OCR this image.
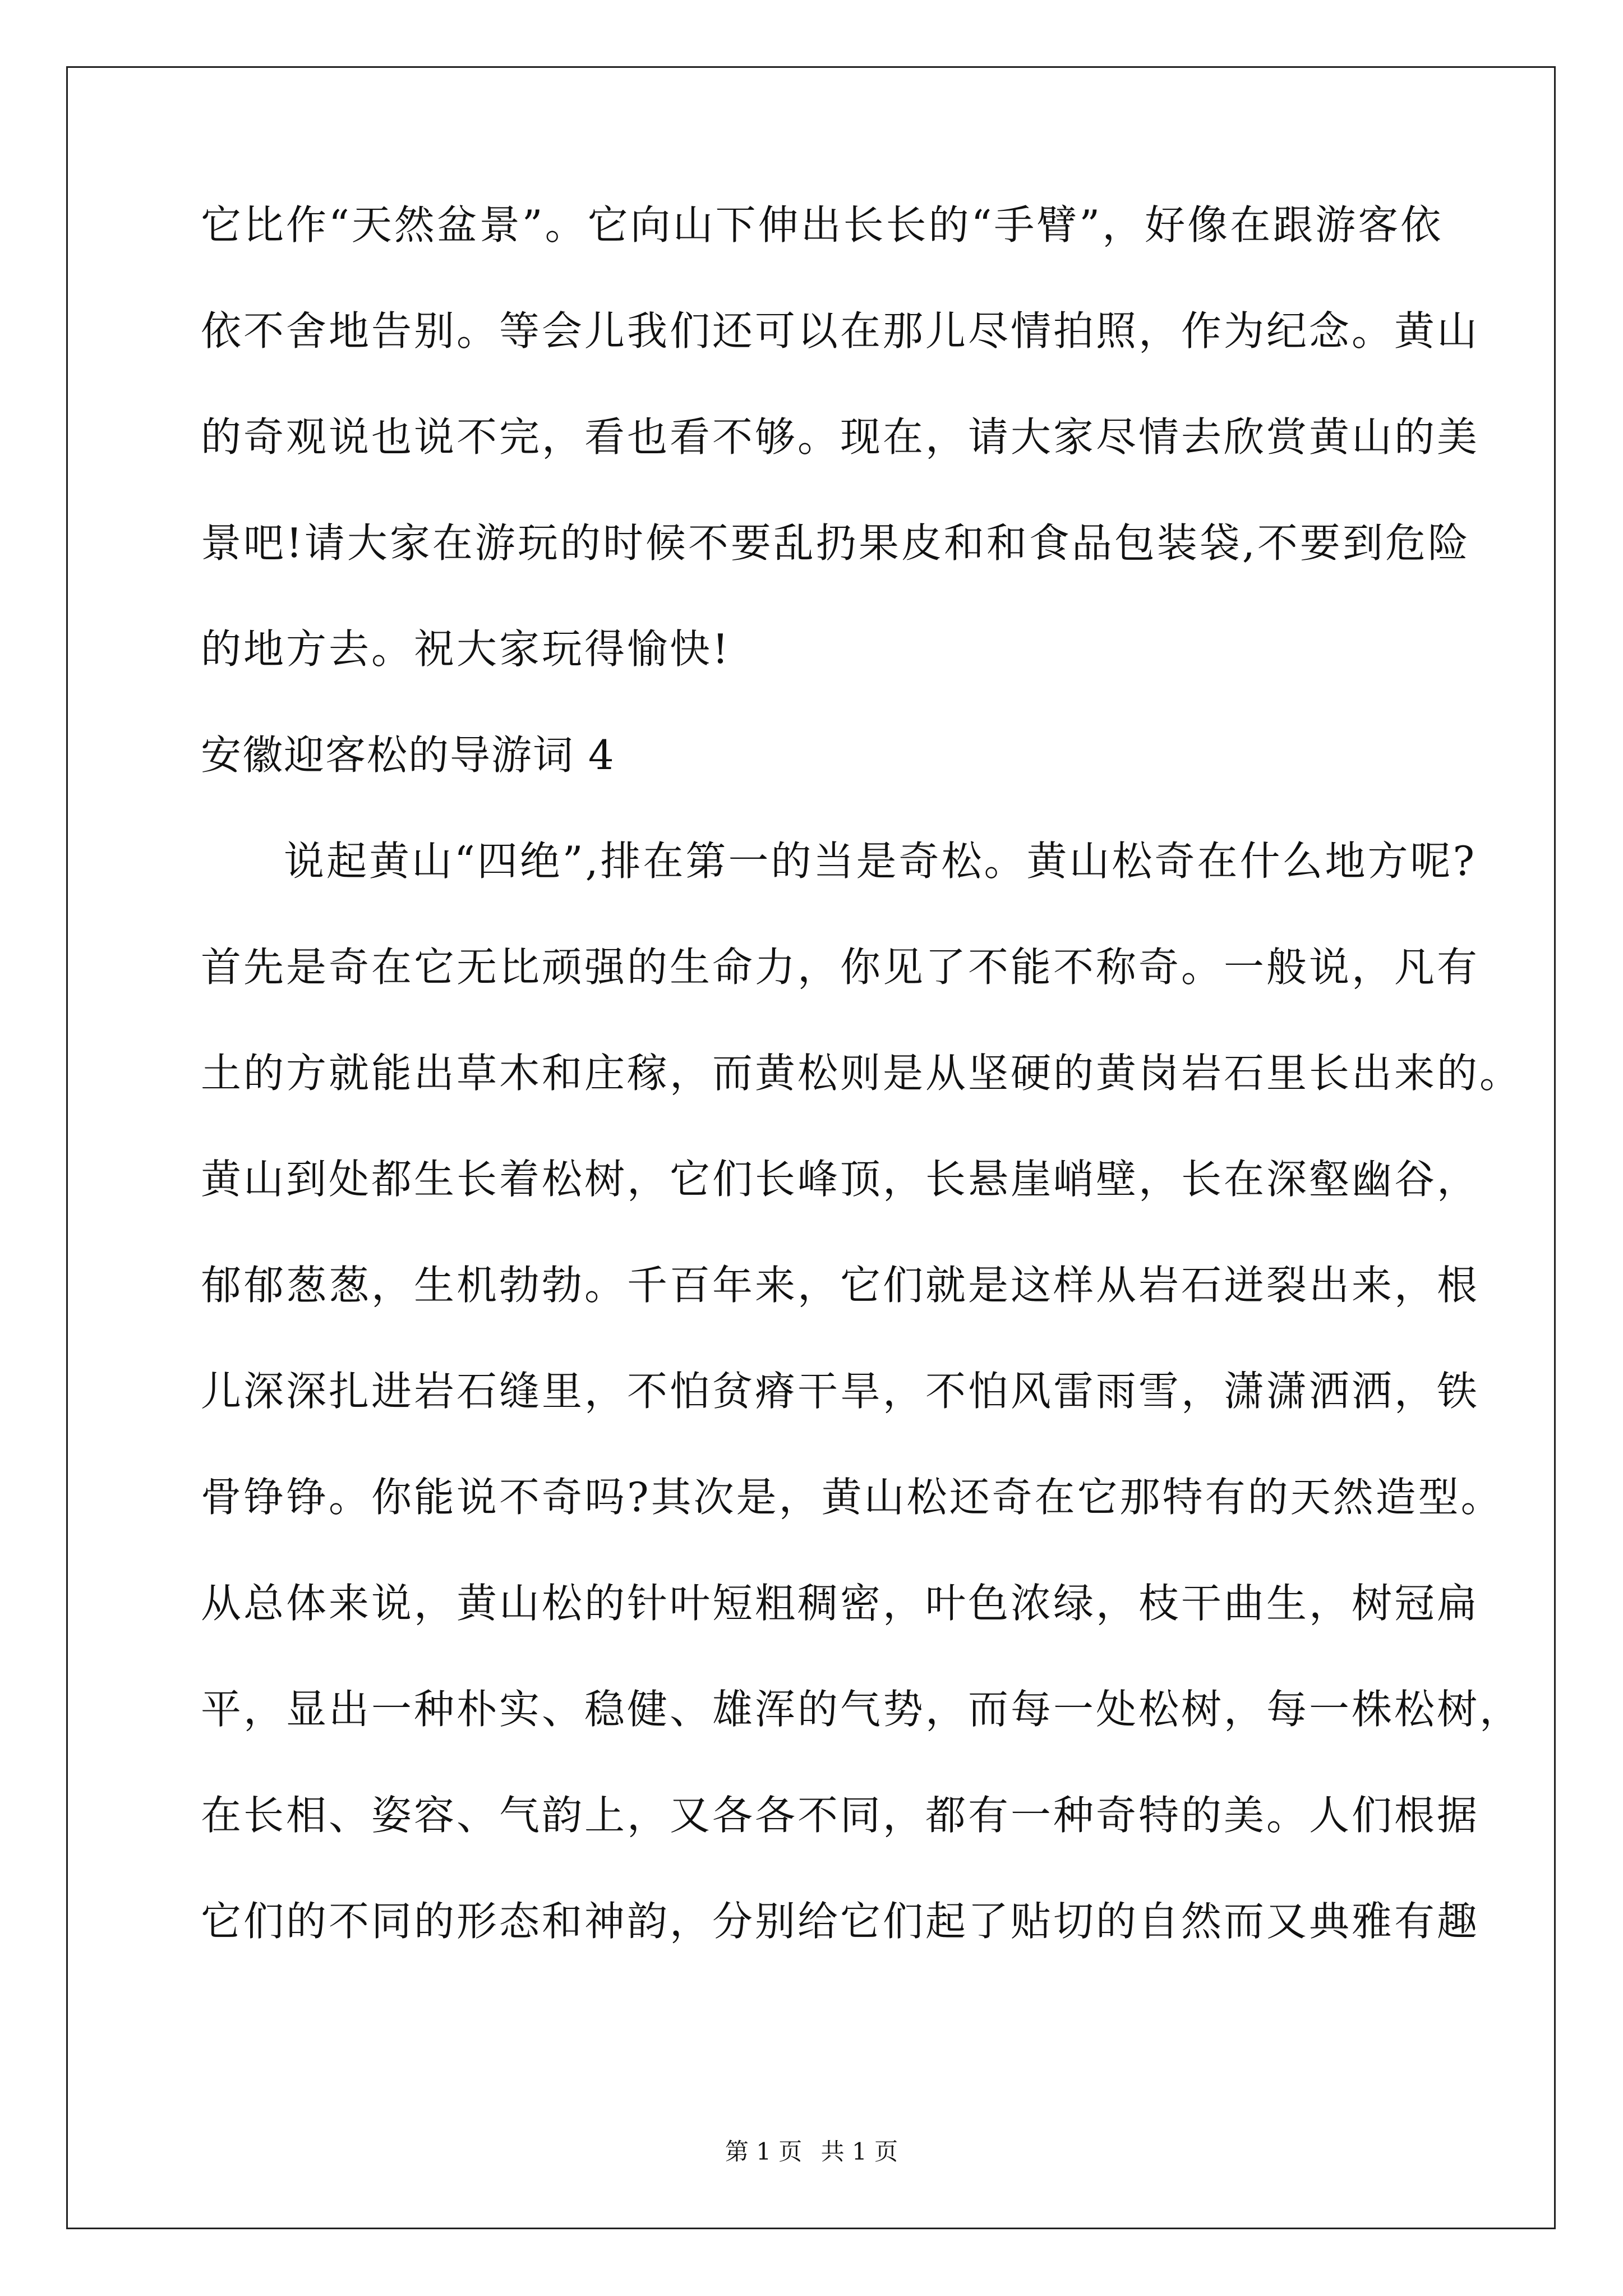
它比作“天然盆景”。它向山下伸出长长的“手臂”，好像在跟游客依
依不舍地告别。等会儿我们还可以在那儿尽情拍照，作为纪念。黄山
的奇观说也说不完，看也看不够。现在，请大家尽情去欣赏黄山的美
景吧!请大家在游玩的时候不要乱扔果皮和和食品包装袋,不要到危险
的地方去。祝大家玩得愉快!
安徽迎客松的导游词 4
说起黄山“四绝”,排在第一的当是奇松。黄山松奇在什么地方呢?
首先是奇在它无比顽强的生命力，你见了不能不称奇。一般说，凡有
土的方就能出草木和庄稼，而黄松则是从坚硬的黄岗岩石里长出来的。
黄山到处都生长着松树，它们长峰顶，长悬崖峭壁，长在深壑幽谷，
郁郁葱葱，生机勃勃。千百年来，它们就是这样从岩石迸裂出来，根
儿深深扎进岩石缝里，不怕贫瘠干旱，不怕风雷雨雪，潇潇洒洒，铁
骨铮铮。你能说不奇吗?其次是，黄山松还奇在它那特有的天然造型。
从总体来说，黄山松的针叶短粗稠密，叶色浓绿，枝干曲生，树冠扁
平，显出一种朴实、稳健、雄浑的气势，而每一处松树，每一株松树，
在长相、姿容、气韵上，又各各不同，都有一种奇特的美。人们根据
它们的不同的形态和神韵，分别给它们起了贴切的自然而又典雅有趣
第 1 页 共 1 页
